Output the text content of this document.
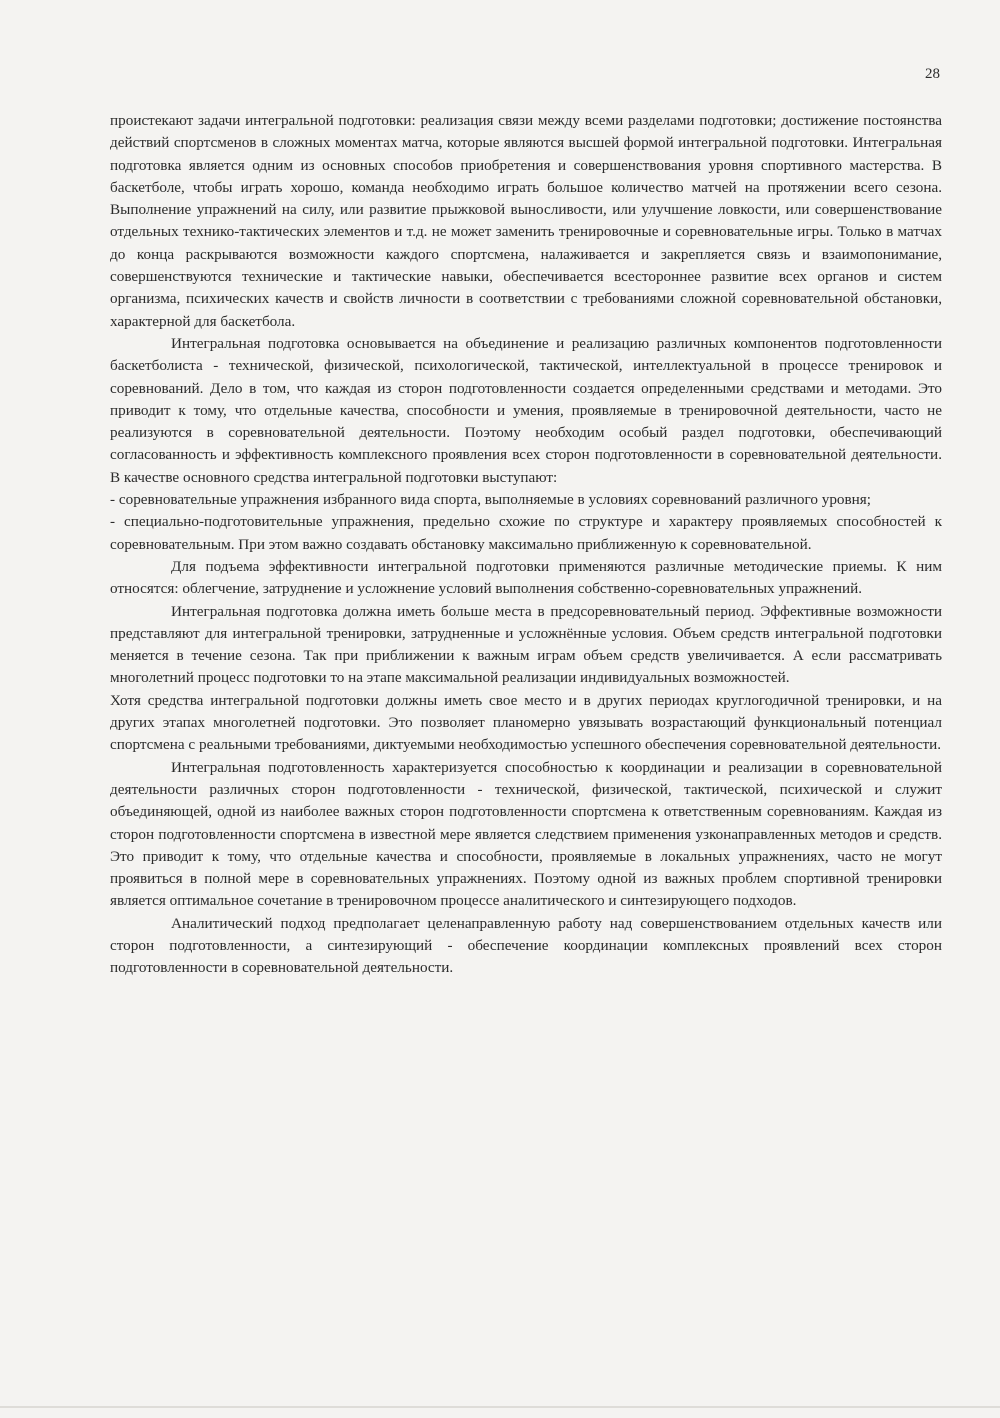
28

проистекают задачи интегральной подготовки: реализация связи между всеми разделами подготовки; достижение постоянства действий спортсменов в сложных моментах матча, которые являются высшей формой интегральной подготовки. Интегральная подготовка является одним из основных способов приобретения и совершенствования уровня спортивного мастерства. В баскетболе, чтобы играть хорошо, команда необходимо играть большое количество матчей на протяжении всего сезона. Выполнение упражнений на силу, или развитие прыжковой выносливости, или улучшение ловкости, или совершенствование отдельных технико-тактических элементов и т.д. не может заменить тренировочные и соревновательные игры. Только в матчах до конца раскрываются возможности каждого спортсмена, налаживается и закрепляется связь и взаимопонимание, совершенствуются технические и тактические навыки, обеспечивается всестороннее развитие всех органов и систем организма, психических качеств и свойств личности в соответствии с требованиями сложной соревновательной обстановки, характерной для баскетбола.

Интегральная подготовка основывается на объединение и реализацию различных компонентов подготовленности баскетболиста - технической, физической, психологической, тактической, интеллектуальной в процессе тренировок и соревнований. Дело в том, что каждая из сторон подготовленности создается определенными средствами и методами. Это приводит к тому, что отдельные качества, способности и умения, проявляемые в тренировочной деятельности, часто не реализуются в соревновательной деятельности. Поэтому необходим особый раздел подготовки, обеспечивающий согласованность и эффективность комплексного проявления всех сторон подготовленности в соревновательной деятельности. В качестве основного средства интегральной подготовки выступают:

- соревновательные упражнения избранного вида спорта, выполняемые в условиях соревнований различного уровня;

- специально-подготовительные упражнения, предельно схожие по структуре и характеру проявляемых способностей к соревновательным. При этом важно создавать обстановку максимально приближенную к соревновательной.

Для подъема эффективности интегральной подготовки применяются различные методические приемы. К ним относятся: облегчение, затруднение и усложнение условий выполнения собственно-соревновательных упражнений.

Интегральная подготовка должна иметь больше места в предсоревновательный период. Эффективные возможности представляют для интегральной тренировки, затрудненные и усложнённые условия. Объем средств интегральной подготовки меняется в течение сезона. Так при приближении к важным играм объем средств увеличивается. А если рассматривать многолетний процесс подготовки то на этапе максимальной реализации индивидуальных возможностей.

Хотя средства интегральной подготовки должны иметь свое место и в других периодах круглогодичной тренировки, и на других этапах многолетней подготовки. Это позволяет планомерно увязывать возрастающий функциональный потенциал спортсмена с реальными требованиями, диктуемыми необходимостью успешного обеспечения соревновательной деятельности.

Интегральная подготовленность характеризуется способностью к координации и реализации в соревновательной деятельности различных сторон подготовленности - технической, физической, тактической, психической и служит объединяющей, одной из наиболее важных сторон подготовленности спортсмена к ответственным соревнованиям. Каждая из сторон подготовленности спортсмена в известной мере является следствием применения узконаправленных методов и средств. Это приводит к тому, что отдельные качества и способности, проявляемые в локальных упражнениях, часто не могут проявиться в полной мере в соревновательных упражнениях. Поэтому одной из важных проблем спортивной тренировки является оптимальное сочетание в тренировочном процессе аналитического и синтезирующего подходов.

Аналитический подход предполагает целенаправленную работу над совершенствованием отдельных качеств или сторон подготовленности, а синтезирующий - обеспечение координации комплексных проявлений всех сторон подготовленности в соревновательной деятельности.
